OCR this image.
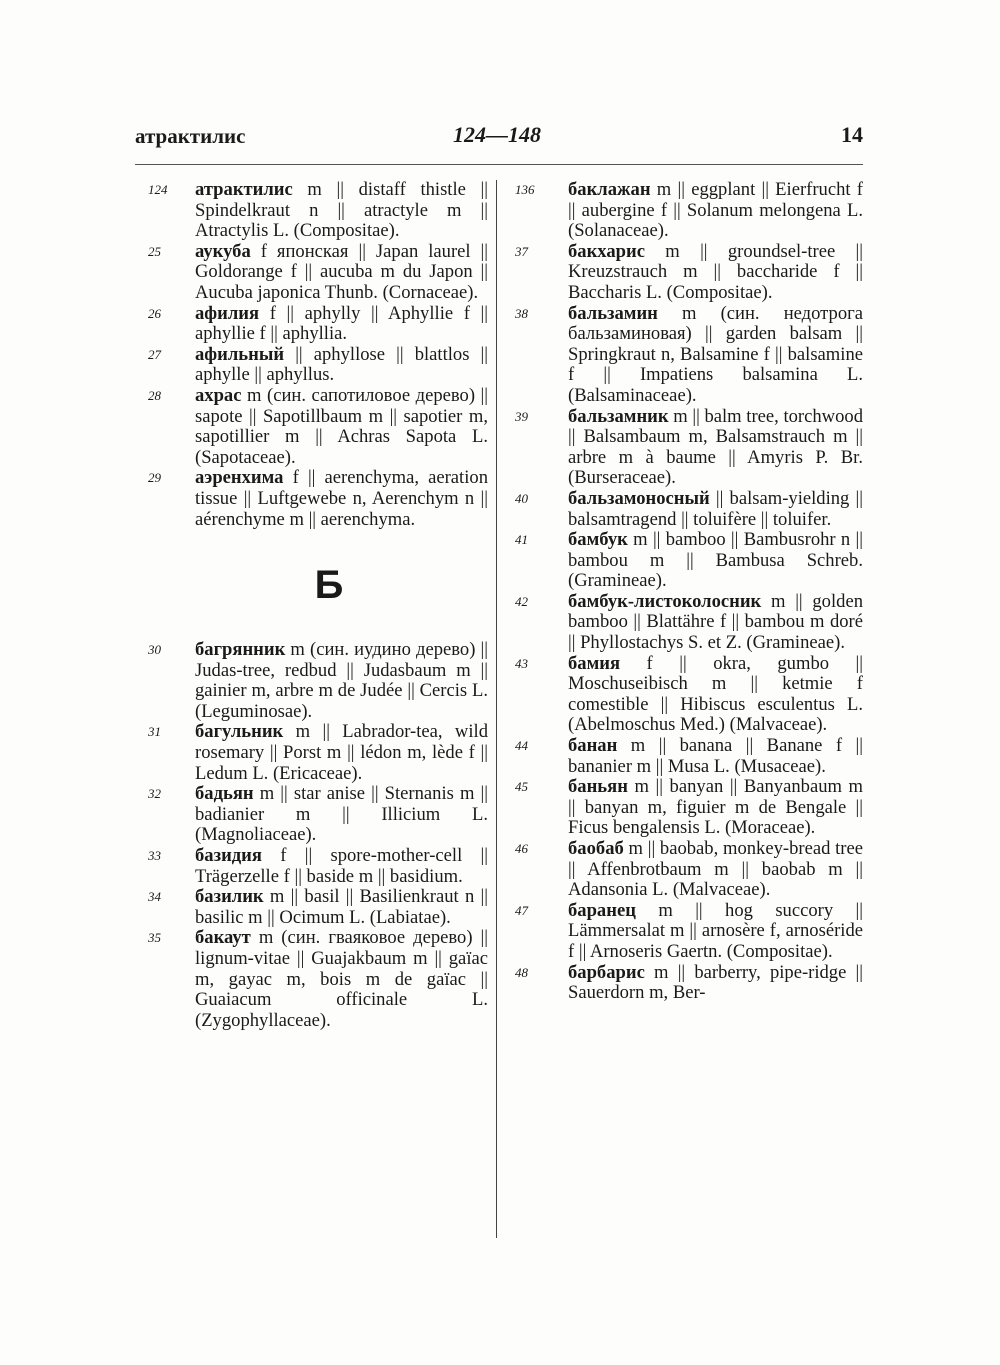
атрактилис	124—148	14
124 атрактилис m || distaff thistle || Spindelkraut n || atractyle m || Atractylis L. (Compositae).
25 аукуба f японская || Japan laurel || Goldorange f || aucuba m du Japon || Aucuba japonica Thunb. (Cornaceae).
26 афилия f || aphylly || Aphyllie f || aphyllie f || aphyllia.
27 афильный || aphyllose || blattlos || aphylle || aphyllus.
28 ахрас m (син. сапотиловое дерево) || sapote || Sapotillbaum m || sapotier m, sapotillier m || Achras Sapota L. (Sapotaceae).
29 аэренхима f || aerenchyma, aeration tissue || Luftgewebe n, Aerenchym n || aérenchyme m || aerenchyma.
Б
30 багрянник m (син. иудино дерево) || Judas-tree, redbud || Judasbaum m || gainier m, arbre m de Judée || Cercis L. (Leguminosae).
31 багульник m || Labrador-tea, wild rosemary || Porst m || lédon m, lède f || Ledum L. (Ericaceae).
32 бадьян m || star anise || Sternanis m || badianier m || Illicium L. (Magnoliaceae).
33 базидия f || spore-mother-cell || Trägerzelle f || baside m || basidium.
34 базилик m || basil || Basilienkraut n || basilic m || Ocimum L. (Labiatae).
35 бакаут m (син. гваяковое дерево) || lignum-vitae || Guajakbaum m || gaïac m, gayac m, bois m de gaïac || Guaiacum officinale L. (Zygophyllaceae).
136 баклажан m || eggplant || Eierfrucht f || aubergine f || Solanum melongena L. (Solanaceae).
37 бакхарис m || groundsel-tree || Kreuzstrauch m || baccharide f || Baccharis L. (Compositae).
38 бальзамин m (син. недотрога бальзаминовая) || garden balsam || Springkraut n, Balsamine f || balsamine f || Impatiens balsamina L. (Balsaminaceae).
39 бальзамник m || balm tree, torchwood || Balsambaum m, Balsamstrauch m || arbre m à baume || Amyris P. Br. (Burseraceae).
40 бальзамоносный || balsam-yielding || balsamtragend || toluifère || toluifer.
41 бамбук m || bamboo || Bambusrohr n || bambou m || Bambusa Schreb. (Gramineae).
42 бамбук-листоколосник m || golden bamboo || Blattähre f || bambou m doré || Phyllostachys S. et Z. (Gramineae).
43 бамия f || okra, gumbo || Moschuseibisch m || ketmie f comestible || Hibiscus esculentus L. (Abelmoschus Med.) (Malvaceae).
44 банан m || banana || Banane f || bananier m || Musa L. (Musaceae).
45 баньян m || banyan || Banyanbaum m || banyan m, figuier m de Bengale || Ficus bengalensis L. (Moraceae).
46 баобаб m || baobab, monkey-bread tree || Affenbrotbaum m || baobab m || Adansonia L. (Malvaceae).
47 баранец m || hog succory || Lämmersalat m || arnosère f, arnoséride f || Arnoseris Gaertn. (Compositae).
48 барбарис m || barberry, pipe-ridge || Sauerdorn m, Ber-
